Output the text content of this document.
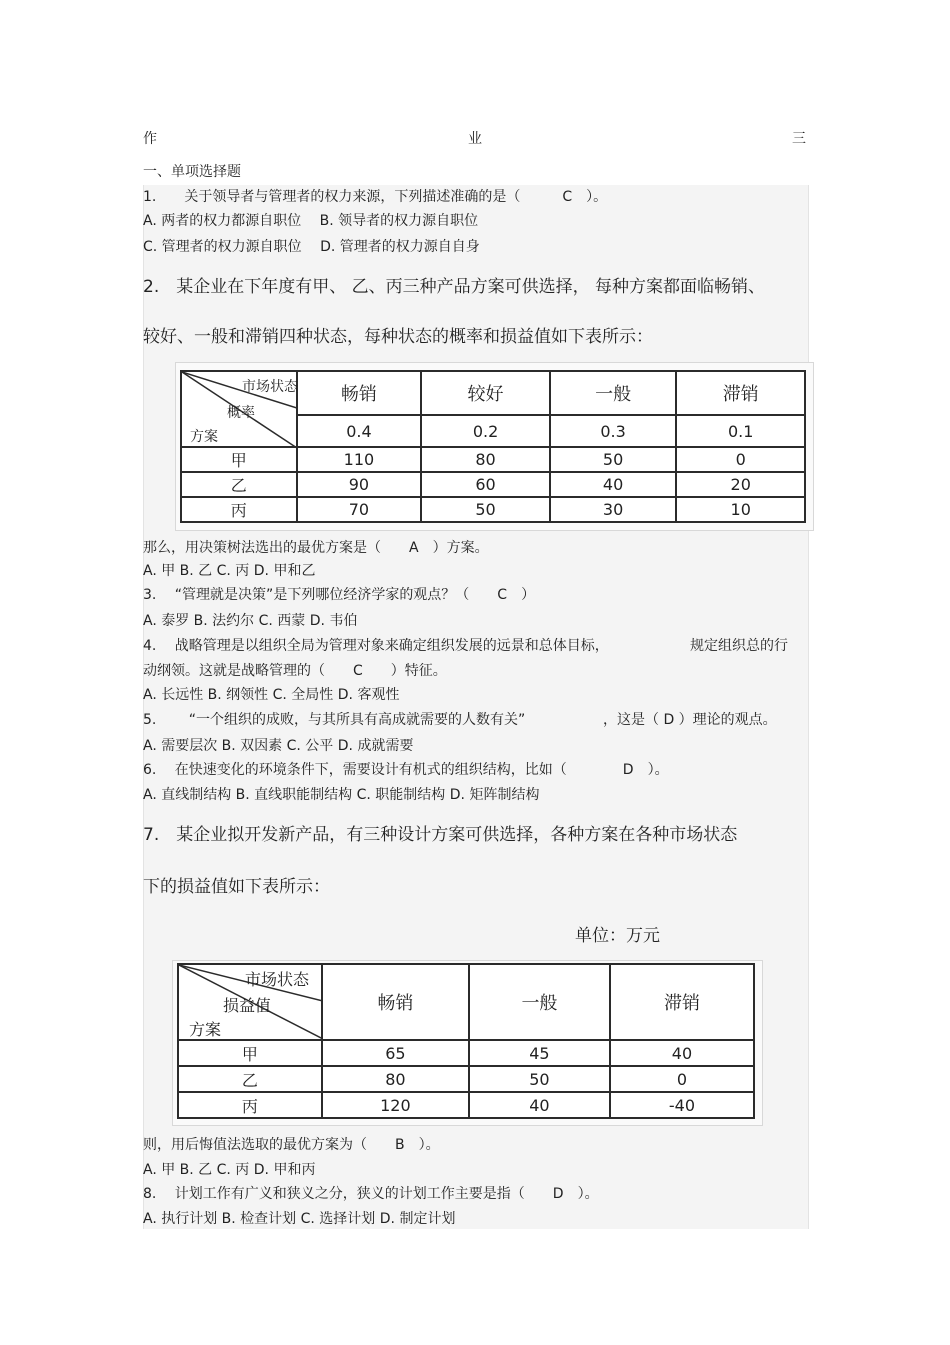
作	业	三
一、单项选择题
1.　　关于领导者与管理者的权力来源，下列描述准确的是（　　　C　）。
A. 两者的权力都源自职位　 B. 领导者的权力源自职位
C. 管理者的权力源自职位　 D. 管理者的权力源自自身
2.　某企业在下年度有甲、 乙、丙三种产品方案可供选择， 每种方案都面临畅销、
较好、一般和滞销四种状态，每种状态的概率和损益值如下表所示：
市场状态
概率
方案	畅销	较好	一般	滞销
	0.4	0.2	0.3	0.1
甲	110	80	50	0
乙	90	60	40	20
丙	70	50	30	10
那么，用决策树法选出的最优方案是（　　A　）方案。
A. 甲 B. 乙 C. 丙 D. 甲和乙
3.　 “管理就是决策”是下列哪位经济学家的观点？（　　C　）
A. 泰罗 B. 法约尔 C. 西蒙 D. 韦伯
4.　 战略管理是以组织全局为管理对象来确定组织发展的远景和总体目标，	规定组织总的行
动纲领。这就是战略管理的（　　C　　）特征。
A. 长远性 B. 纲领性 C. 全局性 D. 客观性
5.　　 “一个组织的成败，与其所具有高成就需要的人数有关”	，这是（ D ）理论的观点。
A. 需要层次 B. 双因素 C. 公平 D. 成就需要
6.　 在快速变化的环境条件下，需要设计有机式的组织结构，比如（　　　　D　）。
A. 直线制结构 B. 直线职能制结构 C. 职能制结构 D. 矩阵制结构
7.　某企业拟开发新产品，有三种设计方案可供选择，各种方案在各种市场状态
下的损益值如下表所示：
单位：万元
市场状态
损益值
方案	畅销	一般	滞销
甲	65	45	40
乙	80	50	0
丙	120	40	-40
则，用后悔值法选取的最优方案为（　　B　）。
A. 甲 B. 乙 C. 丙 D. 甲和丙
8.　 计划工作有广义和狭义之分，狭义的计划工作主要是指（　　D　）。
A. 执行计划 B. 检查计划 C. 选择计划 D. 制定计划
